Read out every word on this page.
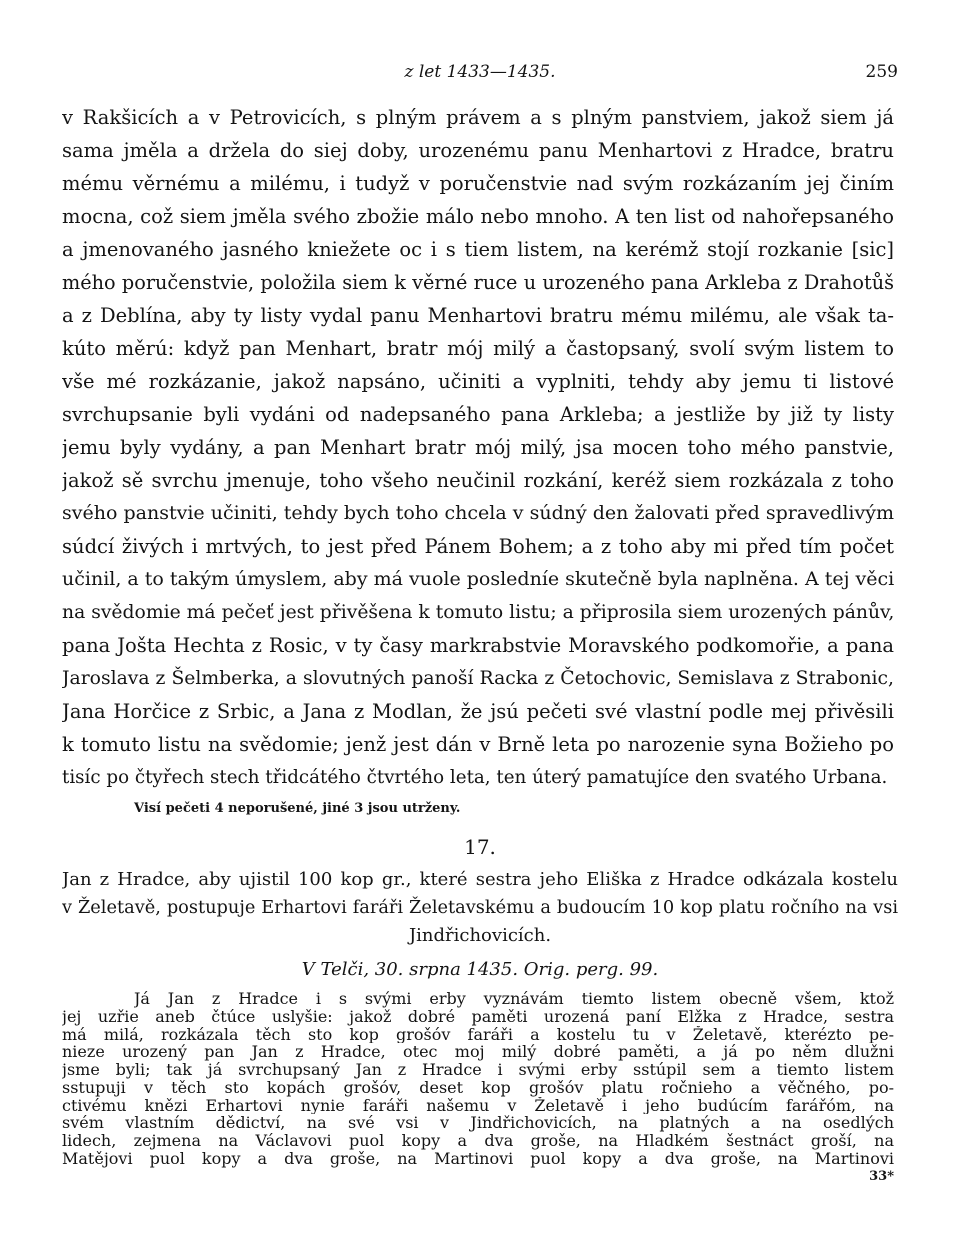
z let 1433—1435.	259
v Rakšicích a v Petrovicích, s plným právem a s plným panstviem, jakož siem já
sama jměla a držela do siej doby, urozenému panu Menhartovi z Hradce, bratru
mému věrnému a milému, i tudyž v poručenstvie nad svým rozkázaním jej činím
mocna, což siem jměla svého zbožie málo nebo mnoho. A ten list od nahořepsaného
a jmenovaného jasného kniežete oc i s tiem listem, na kerémž stojí rozkanie [sic]
mého poručenstvie, položila siem k věrné ruce u urozeného pana Arkleba z Drahotůš
a z Deblína, aby ty listy vydal panu Menhartovi bratru mému milému, ale však ta-
kúto měrú: když pan Menhart, bratr mój milý a častopsaný, svolí svým listem to
vše mé rozkázanie, jakož napsáno, učiniti a vyplniti, tehdy aby jemu ti listové
svrchupsanie byli vydáni od nadepsaného pana Arkleba; a jestliže by již ty listy
jemu byly vydány, a pan Menhart bratr mój milý, jsa mocen toho mého panstvie,
jakož sě svrchu jmenuje, toho všeho neučinil rozkání, keréž siem rozkázala z toho
svého panstvie učiniti, tehdy bych toho chcela v súdný den žalovati před spravedlivým
súdcí živých i mrtvých, to jest před Pánem Bohem; a z toho aby mi před tím počet
učinil, a to takým úmyslem, aby má vuole posledníe skutečně byla naplněna. A tej věci
na svědomie má pečeť jest přivěšena k tomuto listu; a připrosila siem urozených pánův,
pana Jošta Hechta z Rosic, v ty časy markrabstvie Moravského podkomořie, a pana
Jaroslava z Šelmberka, a slovutných panoší Racka z Četochovic, Semislava z Strabonic,
Jana Horčice z Srbic, a Jana z Modlan, že jsú pečeti své vlastní podle mej přivěsili
k tomuto listu na svědomie; jenž jest dán v Brně leta po narozenie syna Božieho po
tisíc po čtyřech stech třidcátého čtvrtého leta, ten úterý pamatujíce den svatého Urbana.
Visí pečeti 4 neporušené, jiné 3 jsou utrženy.
17.
Jan z Hradce, aby ujistil 100 kop gr., které sestra jeho Eliška z Hradce odkázala kostelu
v Želetavě, postupuje Erhartovi faráři Želetavskému a budoucím 10 kop platu ročního na vsi
Jindřichovicích.
V Telči, 30. srpna 1435. Orig. perg. 99.
Já Jan z Hradce i s svými erby vyznávám tiemto listem obecně všem, ktož
jej uzřie aneb čtúce uslyšie: jakož dobré paměti urozená paní Elžka z Hradce, sestra
má milá, rozkázala těch sto kop grošóv faráři a kostelu tu v Želetavě, kterézto pe-
nieze urozený pan Jan z Hradce, otec moj milý dobré paměti, a já po něm dlužni
jsme byli; tak já svrchupsaný Jan z Hradce i svými erby sstúpil sem a tiemto listem
sstupuji v těch sto kopách grošóv, deset kop grošóv platu ročnieho a věčného, po-
ctivému knězi Erhartovi nynie faráři našemu v Želetavě i jeho budúcím farářóm, na
svém vlastním dědictví, na své vsi v Jindřichovicích, na platných a na osedlých
lidech, zejmena na Václavovi puol kopy a dva groše, na Hladkém šestnáct groší, na
Matějovi puol kopy a dva groše, na Martinovi puol kopy a dva groše, na Martinovi
33*
